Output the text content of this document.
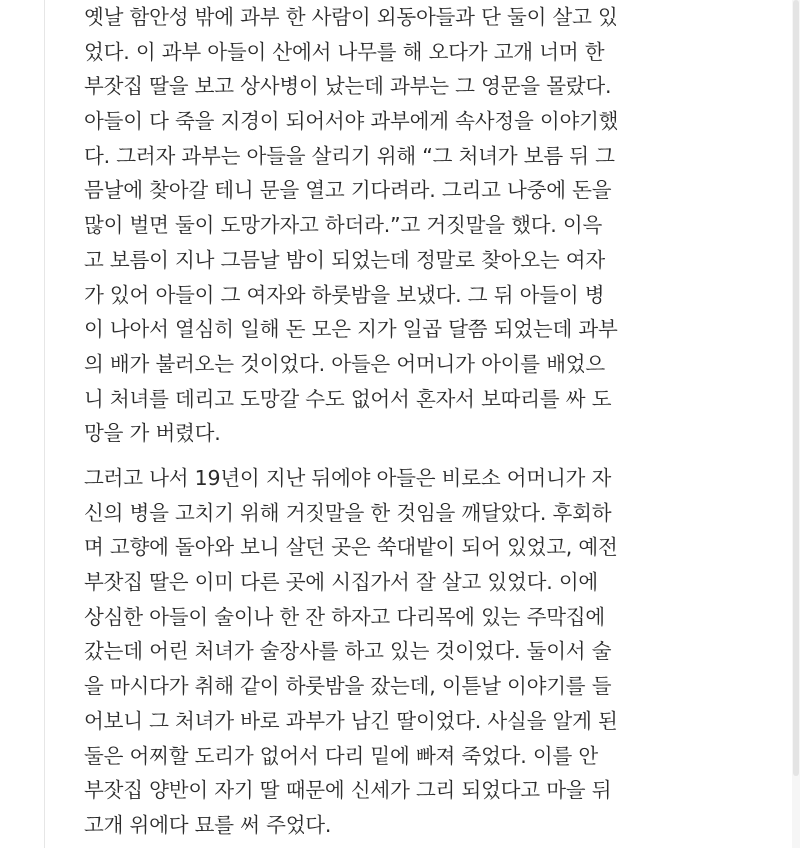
옛날 함안성 밖에 과부 한 사람이 외동아들과 단 둘이 살고 있
었다. 이 과부 아들이 산에서 나무를 해 오다가 고개 너머 한
부잣집 딸을 보고 상사병이 났는데 과부는 그 영문을 몰랐다.
아들이 다 죽을 지경이 되어서야 과부에게 속사정을 이야기했
다. 그러자 과부는 아들을 살리기 위해 “그 처녀가 보름 뒤 그
믐날에 찾아갈 테니 문을 열고 기다려라. 그리고 나중에 돈을
많이 벌면 둘이 도망가자고 하더라.”고 거짓말을 했다. 이윽
고 보름이 지나 그믐날 밤이 되었는데 정말로 찾아오는 여자
가 있어 아들이 그 여자와 하룻밤을 보냈다. 그 뒤 아들이 병
이 나아서 열심히 일해 돈 모은 지가 일곱 달쯤 되었는데 과부
의 배가 불러오는 것이었다. 아들은 어머니가 아이를 배었으
니 처녀를 데리고 도망갈 수도 없어서 혼자서 보따리를 싸 도
망을 가 버렸다.
그러고 나서 19년이 지난 뒤에야 아들은 비로소 어머니가 자
신의 병을 고치기 위해 거짓말을 한 것임을 깨달았다. 후회하
며 고향에 돌아와 보니 살던 곳은 쑥대밭이 되어 있었고, 예전
부잣집 딸은 이미 다른 곳에 시집가서 잘 살고 있었다. 이에
상심한 아들이 술이나 한 잔 하자고 다리목에 있는 주막집에
갔는데 어린 처녀가 술장사를 하고 있는 것이었다. 둘이서 술
을 마시다가 취해 같이 하룻밤을 잤는데, 이튿날 이야기를 들
어보니 그 처녀가 바로 과부가 남긴 딸이었다. 사실을 알게 된
둘은 어찌할 도리가 없어서 다리 밑에 빠져 죽었다. 이를 안
부잣집 양반이 자기 딸 때문에 신세가 그리 되었다고 마을 뒤
고개 위에다 묘를 써 주었다.
